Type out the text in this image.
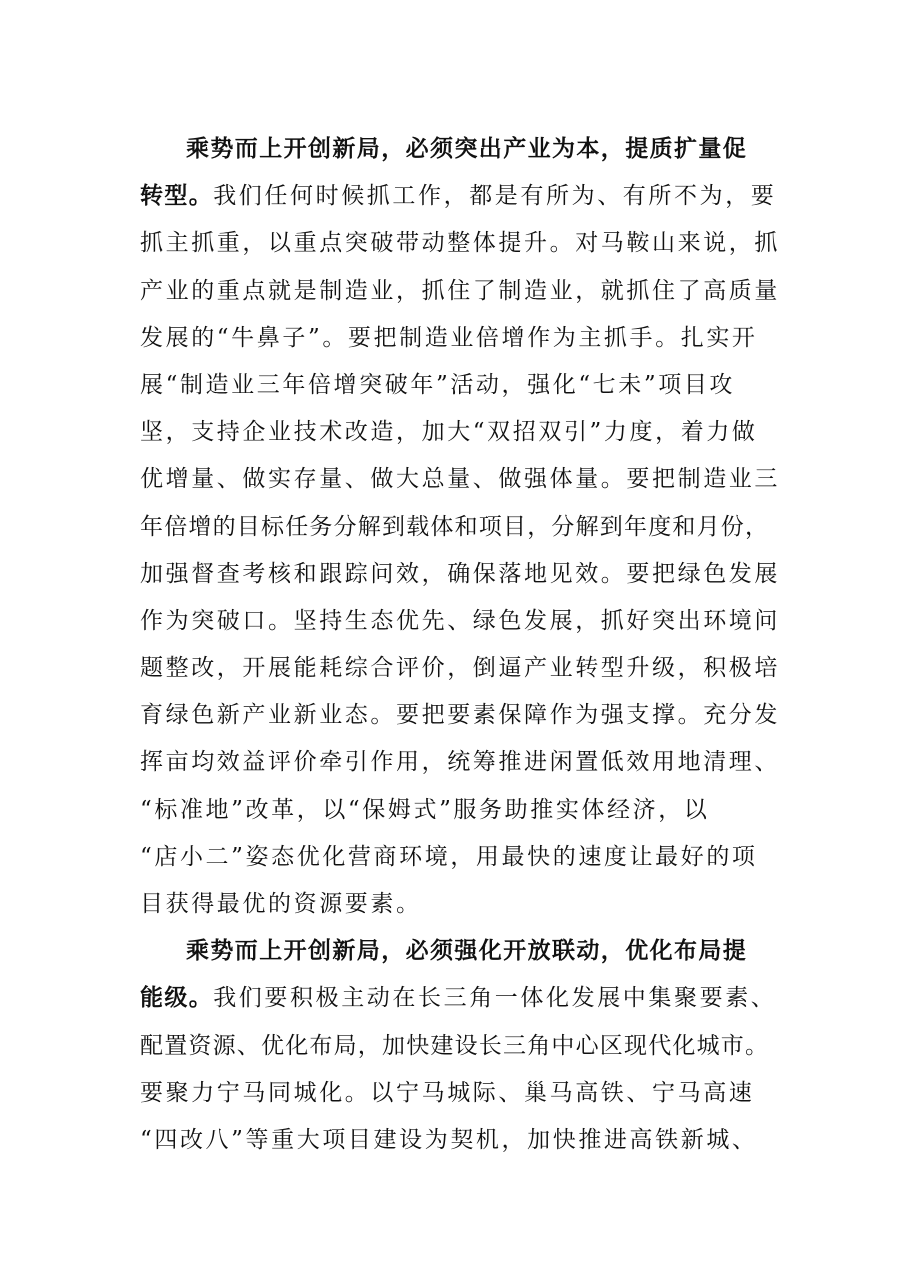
乘势而上开创新局，必须突出产业为本，提质扩量促
转型。我们任何时候抓工作，都是有所为、有所不为，要
抓主抓重，以重点突破带动整体提升。对马鞍山来说，抓
产业的重点就是制造业，抓住了制造业，就抓住了高质量
发展的“牛鼻子”。要把制造业倍增作为主抓手。扎实开
展“制造业三年倍增突破年”活动，强化“七未”项目攻
坚，支持企业技术改造，加大“双招双引”力度，着力做
优增量、做实存量、做大总量、做强体量。要把制造业三
年倍增的目标任务分解到载体和项目，分解到年度和月份，
加强督查考核和跟踪问效，确保落地见效。要把绿色发展
作为突破口。坚持生态优先、绿色发展，抓好突出环境问
题整改，开展能耗综合评价，倒逼产业转型升级，积极培
育绿色新产业新业态。要把要素保障作为强支撑。充分发
挥亩均效益评价牵引作用，统筹推进闲置低效用地清理、
“标准地”改革，以“保姆式”服务助推实体经济，以
“店小二”姿态优化营商环境，用最快的速度让最好的项
目获得最优的资源要素。
乘势而上开创新局，必须强化开放联动，优化布局提
能级。我们要积极主动在长三角一体化发展中集聚要素、
配置资源、优化布局，加快建设长三角中心区现代化城市。
要聚力宁马同城化。以宁马城际、巢马高铁、宁马高速
“四改八”等重大项目建设为契机，加快推进高铁新城、
